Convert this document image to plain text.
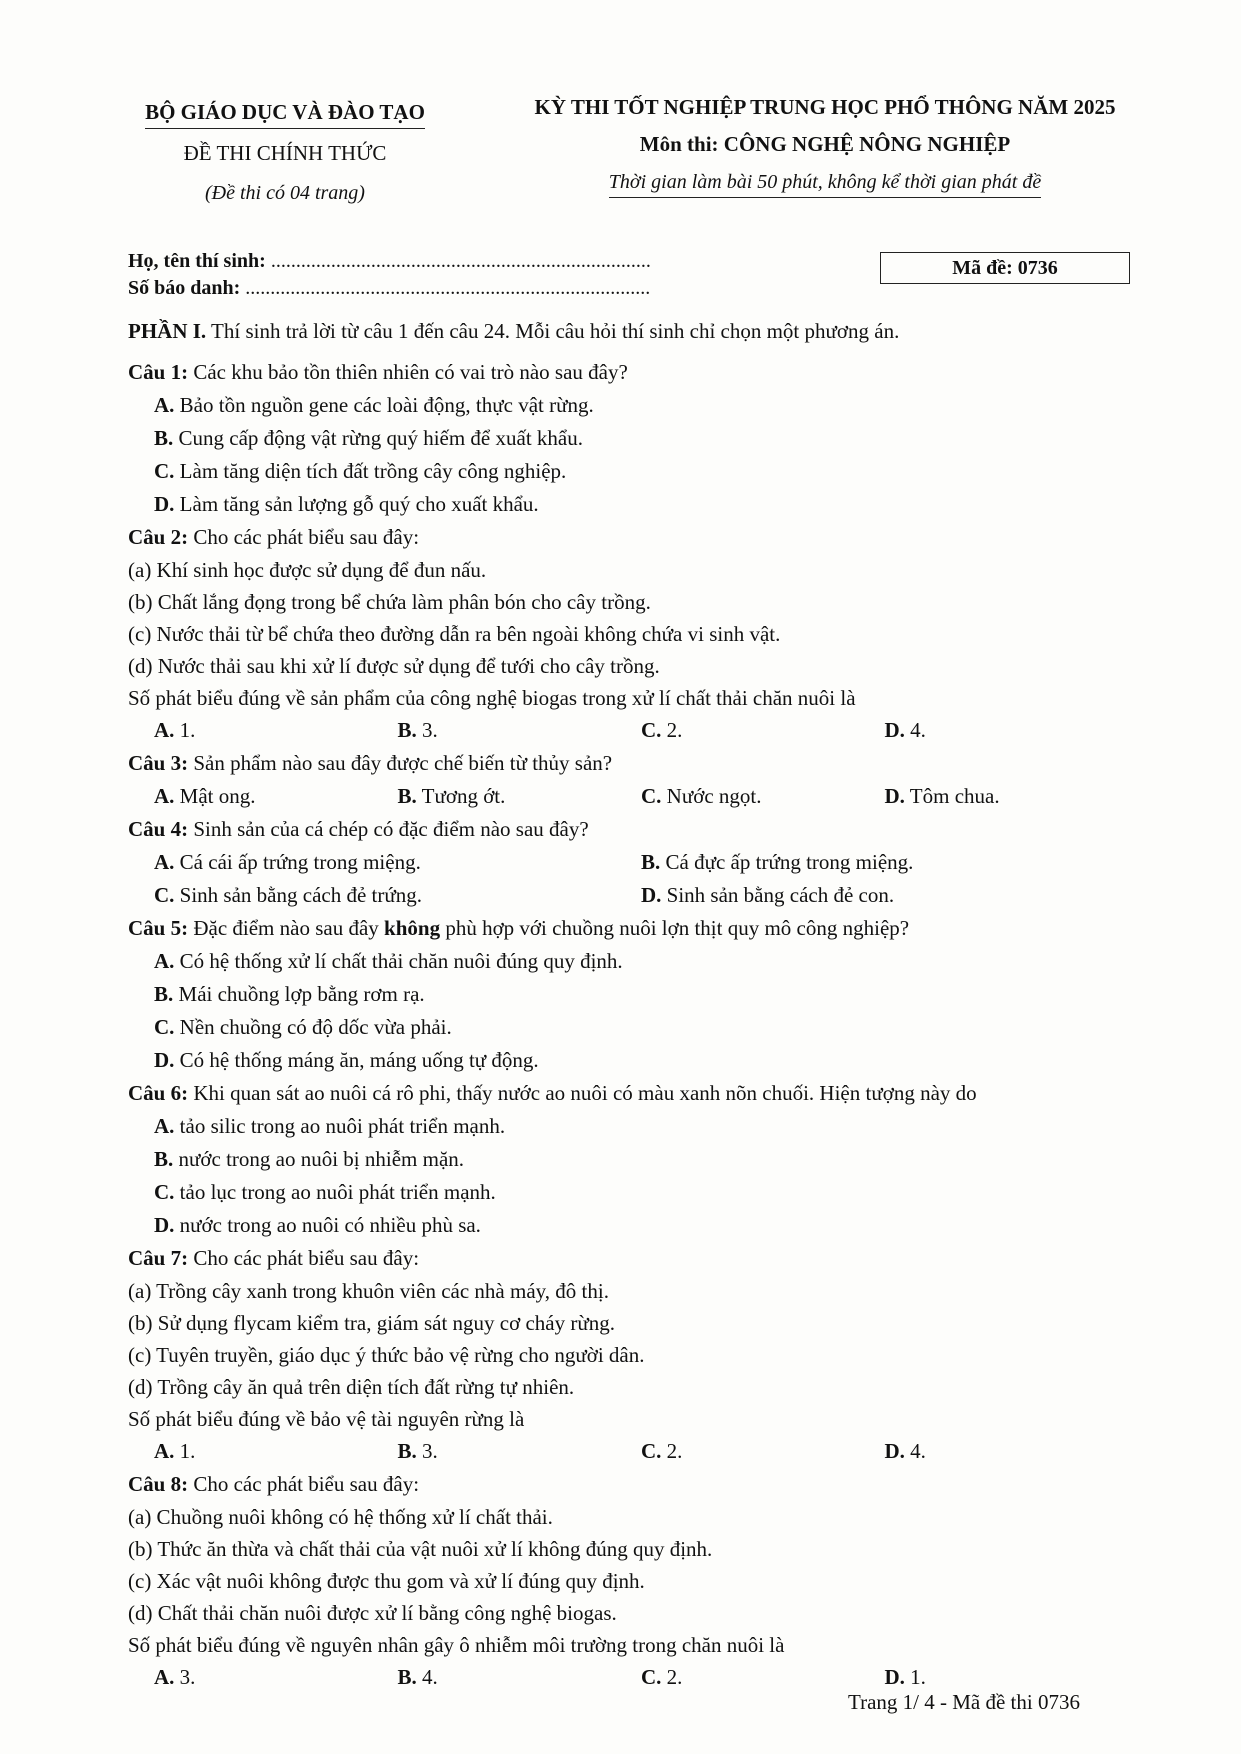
BỘ GIÁO DỤC VÀ ĐÀO TẠO
ĐỀ THI CHÍNH THỨC
(Đề thi có 04 trang)
KỲ THI TỐT NGHIỆP TRUNG HỌC PHỔ THÔNG NĂM 2025
Môn thi: CÔNG NGHỆ NÔNG NGHIỆP
Thời gian làm bài 50 phút, không kể thời gian phát đề
Họ, tên thí sinh: ............................................................................
Số báo danh: .................................................................................
Mã đề: 0736
PHẦN I. Thí sinh trả lời từ câu 1 đến câu 24. Mỗi câu hỏi thí sinh chỉ chọn một phương án.
Câu 1: Các khu bảo tồn thiên nhiên có vai trò nào sau đây?
A. Bảo tồn nguồn gene các loài động, thực vật rừng.
B. Cung cấp động vật rừng quý hiếm để xuất khẩu.
C. Làm tăng diện tích đất trồng cây công nghiệp.
D. Làm tăng sản lượng gỗ quý cho xuất khẩu.
Câu 2: Cho các phát biểu sau đây:
(a) Khí sinh học được sử dụng để đun nấu.
(b) Chất lắng đọng trong bể chứa làm phân bón cho cây trồng.
(c) Nước thải từ bể chứa theo đường dẫn ra bên ngoài không chứa vi sinh vật.
(d) Nước thải sau khi xử lí được sử dụng để tưới cho cây trồng.
Số phát biểu đúng về sản phẩm của công nghệ biogas trong xử lí chất thải chăn nuôi là
A. 1.	B. 3.	C. 2.	D. 4.
Câu 3: Sản phẩm nào sau đây được chế biến từ thủy sản?
A. Mật ong.	B. Tương ớt.	C. Nước ngọt.	D. Tôm chua.
Câu 4: Sinh sản của cá chép có đặc điểm nào sau đây?
A. Cá cái ấp trứng trong miệng.	B. Cá đực ấp trứng trong miệng.
C. Sinh sản bằng cách đẻ trứng.	D. Sinh sản bằng cách đẻ con.
Câu 5: Đặc điểm nào sau đây không phù hợp với chuồng nuôi lợn thịt quy mô công nghiệp?
A. Có hệ thống xử lí chất thải chăn nuôi đúng quy định.
B. Mái chuồng lợp bằng rơm rạ.
C. Nền chuồng có độ dốc vừa phải.
D. Có hệ thống máng ăn, máng uống tự động.
Câu 6: Khi quan sát ao nuôi cá rô phi, thấy nước ao nuôi có màu xanh nõn chuối. Hiện tượng này do
A. tảo silic trong ao nuôi phát triển mạnh.
B. nước trong ao nuôi bị nhiễm mặn.
C. tảo lục trong ao nuôi phát triển mạnh.
D. nước trong ao nuôi có nhiều phù sa.
Câu 7: Cho các phát biểu sau đây:
(a) Trồng cây xanh trong khuôn viên các nhà máy, đô thị.
(b) Sử dụng flycam kiểm tra, giám sát nguy cơ cháy rừng.
(c) Tuyên truyền, giáo dục ý thức bảo vệ rừng cho người dân.
(d) Trồng cây ăn quả trên diện tích đất rừng tự nhiên.
Số phát biểu đúng về bảo vệ tài nguyên rừng là
A. 1.	B. 3.	C. 2.	D. 4.
Câu 8: Cho các phát biểu sau đây:
(a) Chuồng nuôi không có hệ thống xử lí chất thải.
(b) Thức ăn thừa và chất thải của vật nuôi xử lí không đúng quy định.
(c) Xác vật nuôi không được thu gom và xử lí đúng quy định.
(d) Chất thải chăn nuôi được xử lí bằng công nghệ biogas.
Số phát biểu đúng về nguyên nhân gây ô nhiễm môi trường trong chăn nuôi là
A. 3.	B. 4.	C. 2.	D. 1.
Trang 1/ 4 - Mã đề thi 0736
